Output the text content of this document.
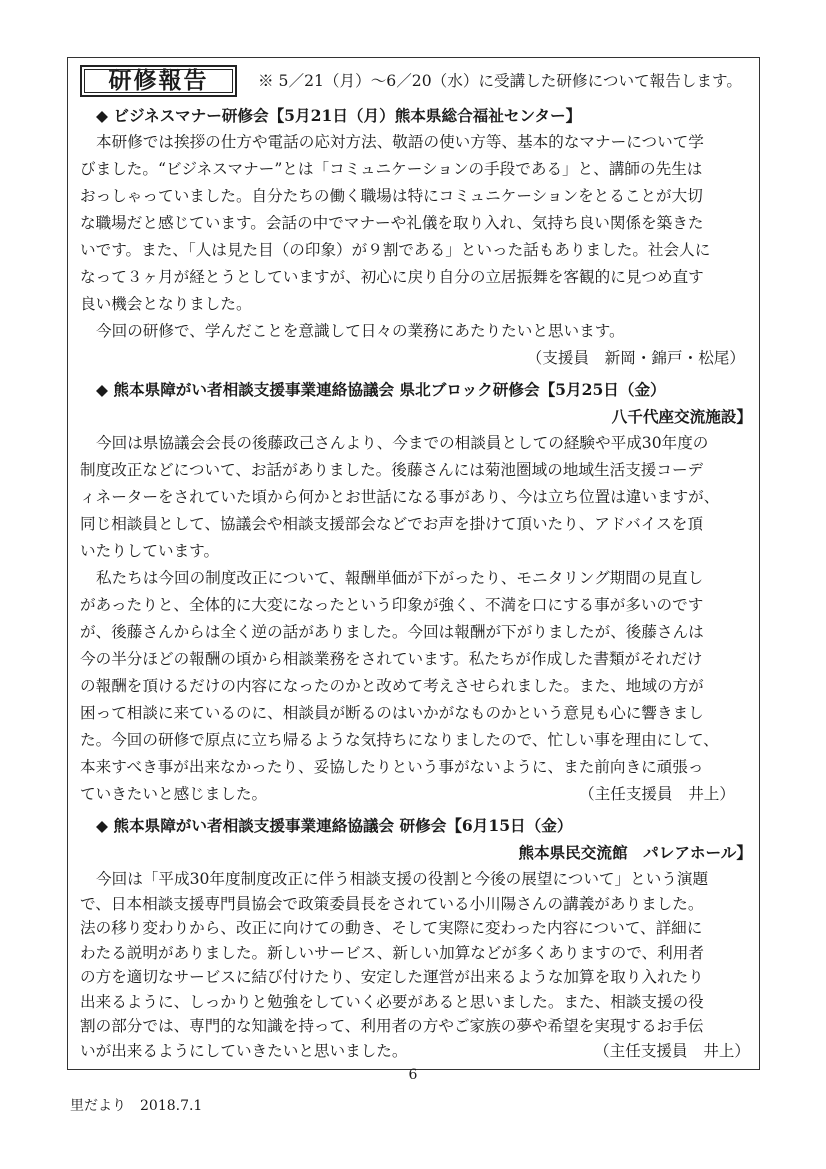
研修報告	※ 5／21（月）～6／20（水）に受講した研修について報告します。
◆ ビジネスマナー研修会【5月21日（月）熊本県総合福祉センター】
本研修では挨拶の仕方や電話の応対方法、敬語の使い方等、基本的なマナーについて学
びました。“ビジネスマナー”とは「コミュニケーションの手段である」と、講師の先生は
おっしゃっていました。自分たちの働く職場は特にコミュニケーションをとることが大切
な職場だと感じています。会話の中でマナーや礼儀を取り入れ、気持ち良い関係を築きた
いです。また、「人は見た目（の印象）が９割である」といった話もありました。社会人に
なって３ヶ月が経とうとしていますが、初心に戻り自分の立居振舞を客観的に見つめ直す
良い機会となりました。
今回の研修で、学んだことを意識して日々の業務にあたりたいと思います。
（支援員　新岡・錦戸・松尾）
◆ 熊本県障がい者相談支援事業連絡協議会 県北ブロック研修会【5月25日（金）
八千代座交流施設】
今回は県協議会会長の後藤政己さんより、今までの相談員としての経験や平成30年度の
制度改正などについて、お話がありました。後藤さんには菊池圏域の地域生活支援コーデ
ィネーターをされていた頃から何かとお世話になる事があり、今は立ち位置は違いますが、
同じ相談員として、協議会や相談支援部会などでお声を掛けて頂いたり、アドバイスを頂
いたりしています。
私たちは今回の制度改正について、報酬単価が下がったり、モニタリング期間の見直し
があったりと、全体的に大変になったという印象が強く、不満を口にする事が多いのです
が、後藤さんからは全く逆の話がありました。今回は報酬が下がりましたが、後藤さんは
今の半分ほどの報酬の頃から相談業務をされています。私たちが作成した書類がそれだけ
の報酬を頂けるだけの内容になったのかと改めて考えさせられました。また、地域の方が
困って相談に来ているのに、相談員が断るのはいかがなものかという意見も心に響きまし
た。今回の研修で原点に立ち帰るような気持ちになりましたので、忙しい事を理由にして、
本来すべき事が出来なかったり、妥協したりという事がないように、また前向きに頑張っ
ていきたいと感じました。	（主任支援員　井上）
◆ 熊本県障がい者相談支援事業連絡協議会 研修会【6月15日（金）
熊本県民交流館　パレアホール】
今回は「平成30年度制度改正に伴う相談支援の役割と今後の展望について」という演題
で、日本相談支援専門員協会で政策委員長をされている小川陽さんの講義がありました。
法の移り変わりから、改正に向けての動き、そして実際に変わった内容について、詳細に
わたる説明がありました。新しいサービス、新しい加算などが多くありますので、利用者
の方を適切なサービスに結び付けたり、安定した運営が出来るような加算を取り入れたり
出来るように、しっかりと勉強をしていく必要があると思いました。また、相談支援の役
割の部分では、専門的な知識を持って、利用者の方やご家族の夢や希望を実現するお手伝
いが出来るようにしていきたいと思いました。	（主任支援員　井上）
6
里だより　2018.7.1
